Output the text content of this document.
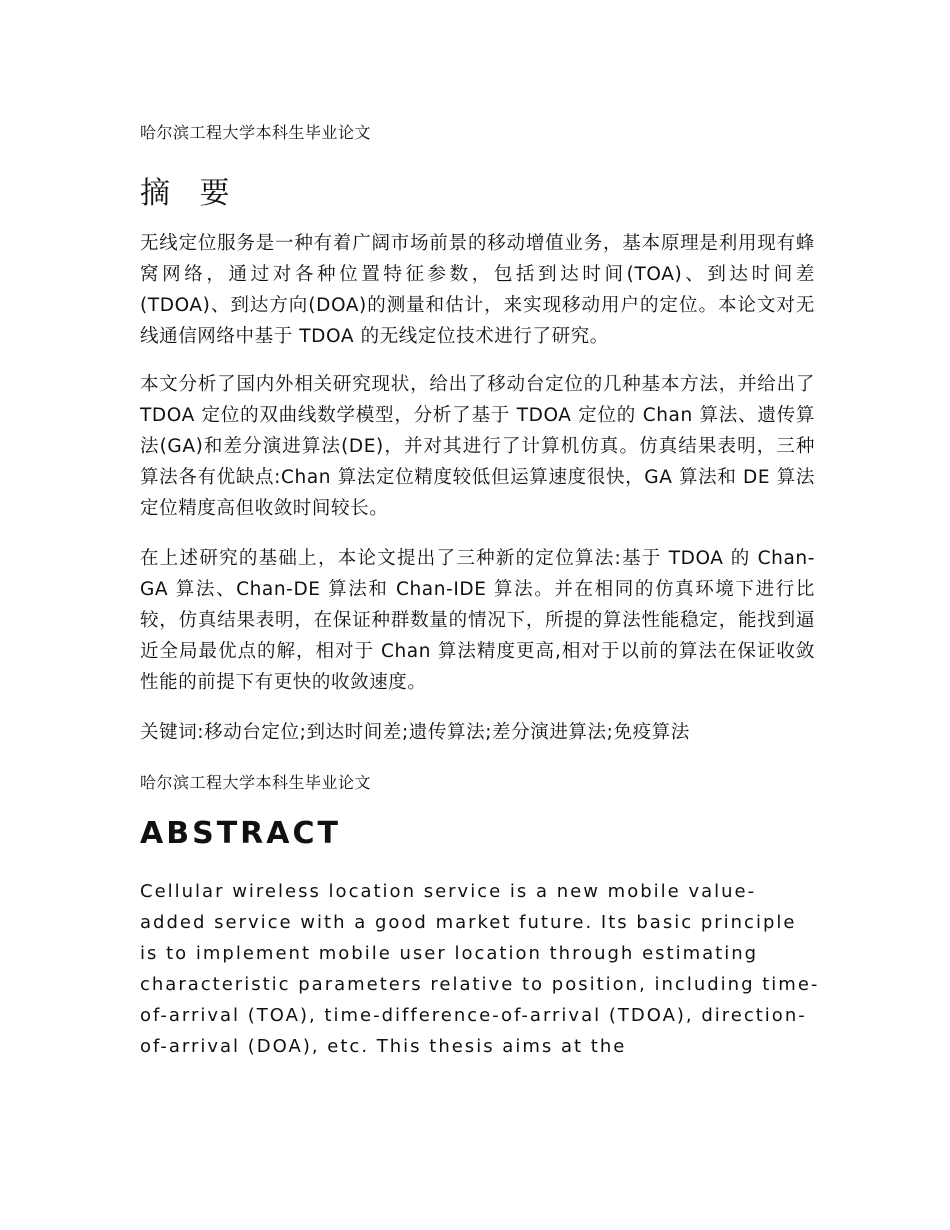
哈尔滨工程大学本科生毕业论文
摘 要

无线定位服务是一种有着广阔市场前景的移动增值业务，基本原理是利用现有蜂窝网络，通过对各种位置特征参数，包括到达时间(TOA)、到达时间差(TDOA)、到达方向(DOA)的测量和估计，来实现移动用户的定位。本论文对无线通信网络中基于 TDOA 的无线定位技术进行了研究。

本文分析了国内外相关研究现状，给出了移动台定位的几种基本方法，并给出了 TDOA 定位的双曲线数学模型，分析了基于 TDOA 定位的 Chan 算法、遗传算法(GA)和差分演进算法(DE)，并对其进行了计算机仿真。仿真结果表明，三种算法各有优缺点:Chan 算法定位精度较低但运算速度很快，GA 算法和 DE 算法定位精度高但收敛时间较长。

在上述研究的基础上，本论文提出了三种新的定位算法:基于 TDOA 的 Chan-GA 算法、Chan-DE 算法和 Chan-IDE 算法。并在相同的仿真环境下进行比较，仿真结果表明，在保证种群数量的情况下，所提的算法性能稳定，能找到逼近全局最优点的解，相对于 Chan 算法精度更高,相对于以前的算法在保证收敛性能的前提下有更快的收敛速度。

关键词:移动台定位;到达时间差;遗传算法;差分演进算法;免疫算法

哈尔滨工程大学本科生毕业论文
ABSTRACT

Cellular wireless location service is a new mobile value-added service with a good market future. Its basic principle is to implement mobile user location through estimating characteristic parameters relative to position, including time-of-arrival (TOA), time-difference-of-arrival (TDOA), direction-of-arrival (DOA), etc. This thesis aims at the
